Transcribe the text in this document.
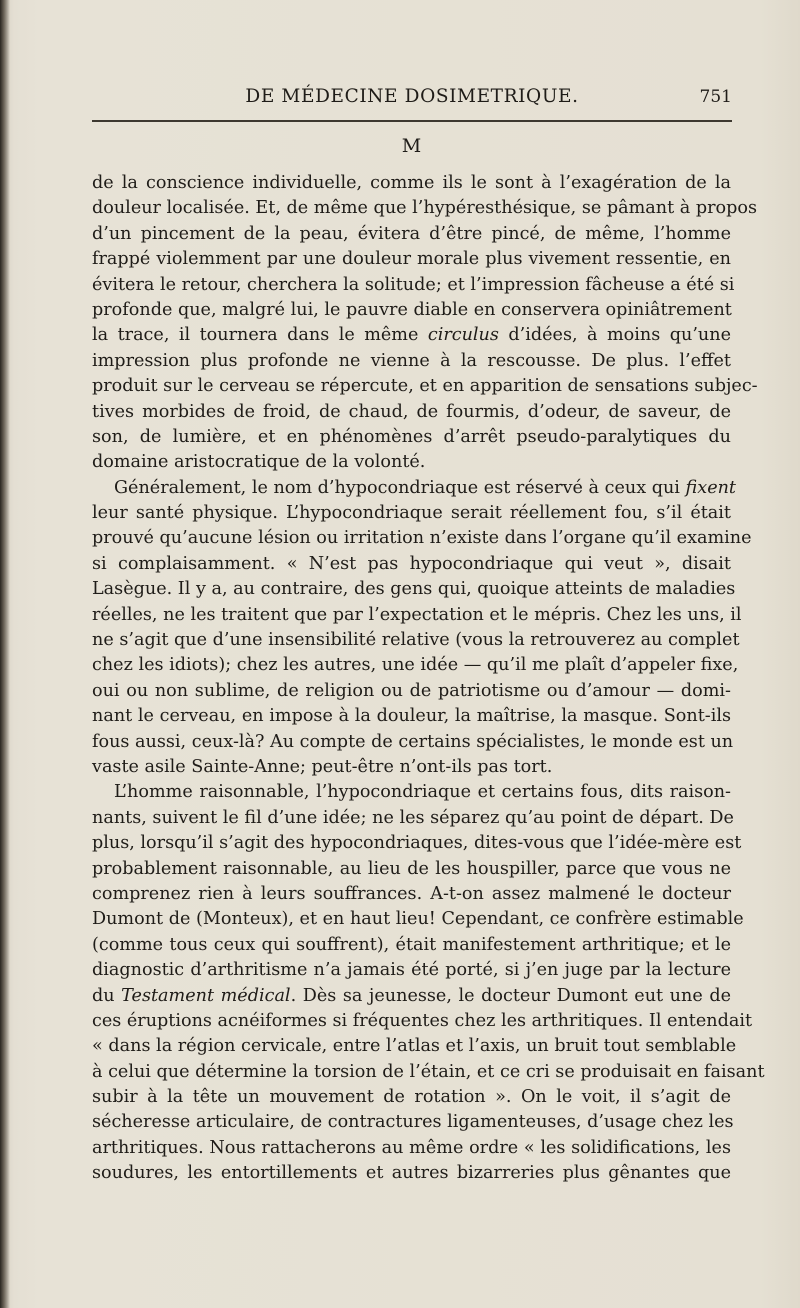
DE MÉDECINE DOSIMETRIQUE.	751
M
de la conscience individuelle, comme ils le sont à l’exagération de la
douleur localisée. Et, de même que l’hypéresthésique, se pâmant à propos
d’un pincement de la peau, évitera d’être pincé, de même, l’homme
frappé violemment par une douleur morale plus vivement ressentie, en
évitera le retour, cherchera la solitude; et l’impression fâcheuse a été si
profonde que, malgré lui, le pauvre diable en conservera opiniâtrement
la trace, il tournera dans le même circulus d’idées, à moins qu’une
impression plus profonde ne vienne à la rescousse. De plus. l’effet
produit sur le cerveau se répercute, et en apparition de sensations subjec-
tives morbides de froid, de chaud, de fourmis, d’odeur, de saveur, de
son, de lumière, et en phénomènes d’arrêt pseudo-paralytiques du
domaine aristocratique de la volonté.
Généralement, le nom d’hypocondriaque est réservé à ceux qui fixent
leur santé physique. L’hypocondriaque serait réellement fou, s’il était
prouvé qu’aucune lésion ou irritation n’existe dans l’organe qu’il examine
si complaisamment. « N’est pas hypocondriaque qui veut », disait
Lasègue. Il y a, au contraire, des gens qui, quoique atteints de maladies
réelles, ne les traitent que par l’expectation et le mépris. Chez les uns, il
ne s’agit que d’une insensibilité relative (vous la retrouverez au complet
chez les idiots); chez les autres, une idée — qu’il me plaît d’appeler fixe,
oui ou non sublime, de religion ou de patriotisme ou d’amour — domi-
nant le cerveau, en impose à la douleur, la maîtrise, la masque. Sont-ils
fous aussi, ceux-là? Au compte de certains spécialistes, le monde est un
vaste asile Sainte-Anne; peut-être n’ont-ils pas tort.
L’homme raisonnable, l’hypocondriaque et certains fous, dits raison-
nants, suivent le fil d’une idée; ne les séparez qu’au point de départ. De
plus, lorsqu’il s’agit des hypocondriaques, dites-vous que l’idée-mère est
probablement raisonnable, au lieu de les houspiller, parce que vous ne
comprenez rien à leurs souffrances. A-t-on assez malmené le docteur
Dumont de (Monteux), et en haut lieu! Cependant, ce confrère estimable
(comme tous ceux qui souffrent), était manifestement arthritique; et le
diagnostic d’arthritisme n’a jamais été porté, si j’en juge par la lecture
du Testament médical. Dès sa jeunesse, le docteur Dumont eut une de
ces éruptions acnéiformes si fréquentes chez les arthritiques. Il entendait
« dans la région cervicale, entre l’atlas et l’axis, un bruit tout semblable
à celui que détermine la torsion de l’étain, et ce cri se produisait en faisant
subir à la tête un mouvement de rotation ». On le voit, il s’agit de
sécheresse articulaire, de contractures ligamenteuses, d’usage chez les
arthritiques. Nous rattacherons au même ordre « les solidifications, les
soudures, les entortillements et autres bizarreries plus gênantes que
